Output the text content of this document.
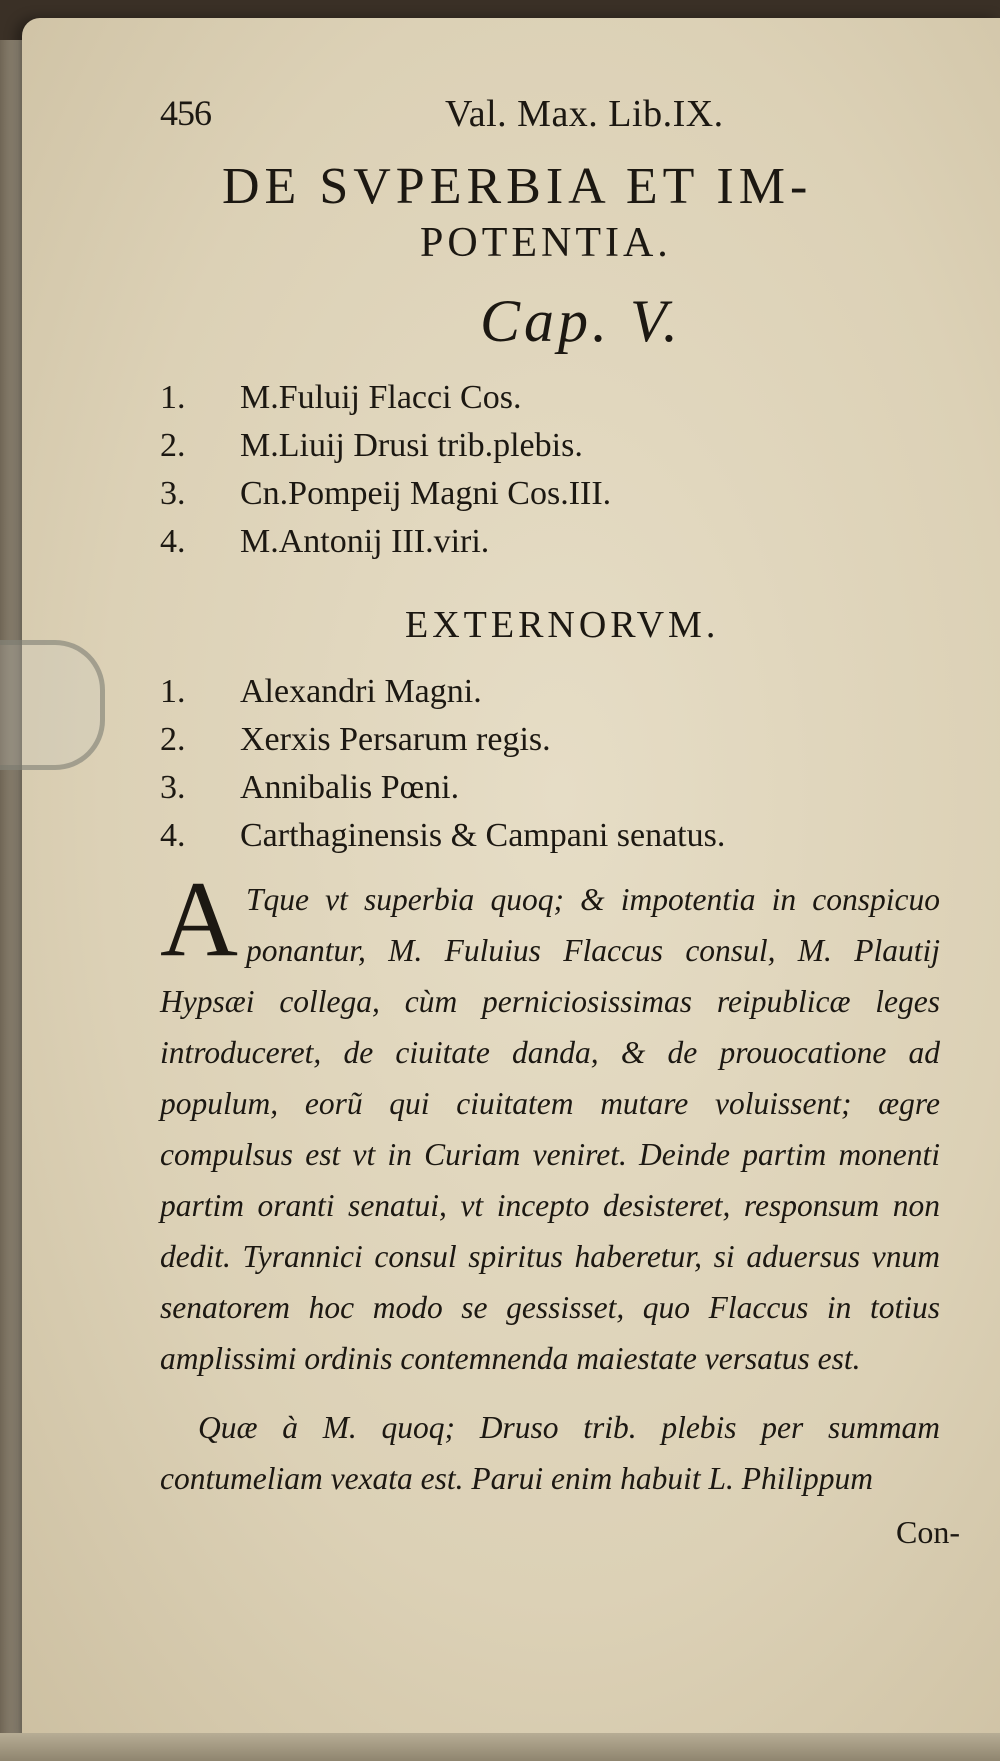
456	Val. Max. Lib.IX.
DE SVPERBIA ET IM-
POTENTIA.
Cap. V.
1.	M.Fuluij Flacci Cos.
2.	M.Liuij Drusi trib.plebis.
3.	Cn.Pompeij Magni Cos.III.
4.	M.Antonij III.viri.
EXTERNORVM.
1.	Alexandri Magni.
2.	Xerxis Persarum regis.
3.	Annibalis Pœni.
4.	Carthaginensis & Campani senatus.

A Tque vt superbia quoq; & impotentia in conspicuo ponantur, M. Fuluius Flaccus consul, M. Plautij Hypsæi collega, cùm perniciosissimas reipublicæ leges introduceret, de ciuitate danda, & de prouocatione ad populum, eorũ qui ciuitatem mutare voluissent; ægre compulsus est vt in Curiam veniret. Deinde partim monenti partim oranti senatui, vt incepto desisteret, responsum non dedit. Tyrannici consul spiritus haberetur, si aduersus vnum senatorem hoc modo se gessisset, quo Flaccus in totius amplissimi ordinis contemnenda maiestate versatus est.

Quæ à M. quoq; Druso trib. plebis per summam contumeliam vexata est. Parui enim habuit L. Philippum

Con-
